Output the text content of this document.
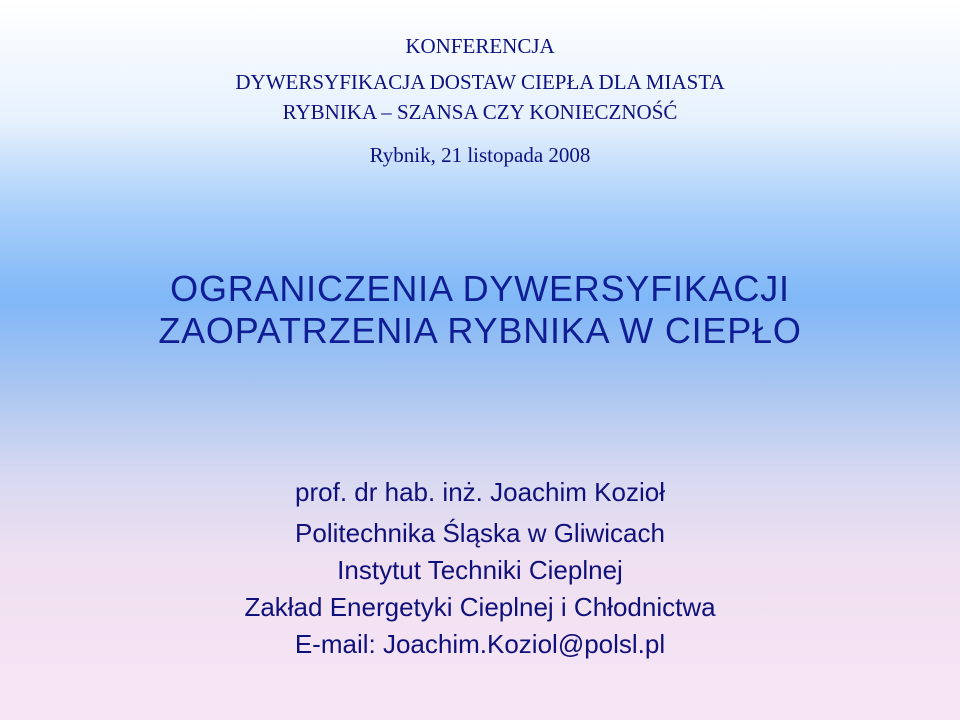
KONFERENCJA
DYWERSYFIKACJA DOSTAW CIEPŁA DLA MIASTA
RYBNIKA – SZANSA CZY KONIECZNOŚĆ
Rybnik, 21 listopada 2008
OGRANICZENIA DYWERSYFIKACJI
ZAOPATRZENIA RYBNIKA W CIEPŁO
prof. dr hab. inż. Joachim Kozioł
Politechnika Śląska w Gliwicach
Instytut Techniki Cieplnej
Zakład Energetyki Cieplnej i Chłodnictwa
E-mail: Joachim.Koziol@polsl.pl
